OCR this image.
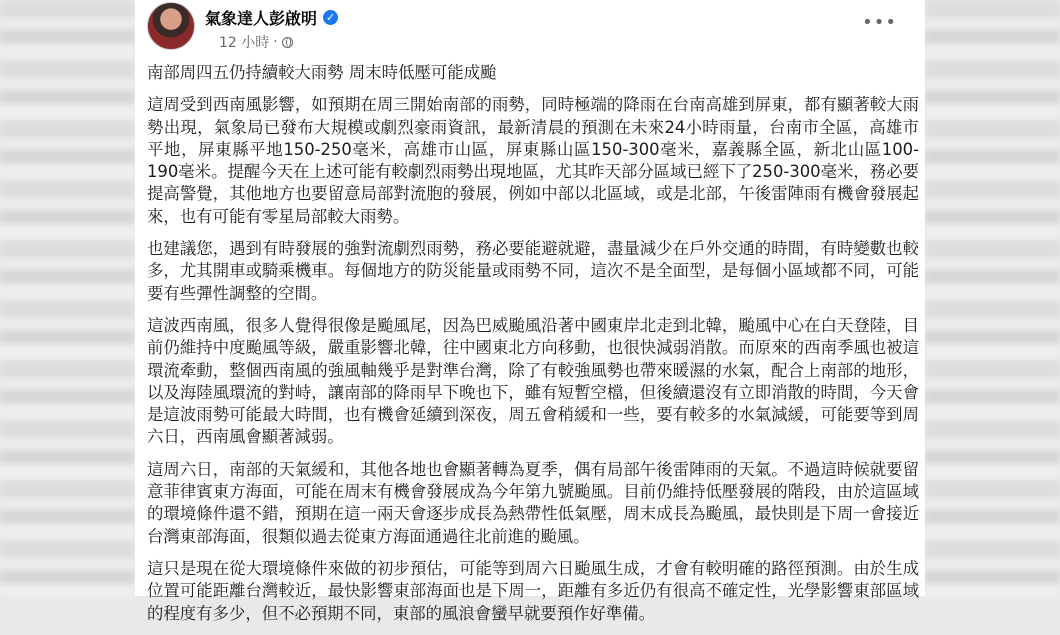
氣象達人彭啟明 ✓
12 小時 ·
•••

南部周四五仍持續較大雨勢 周末時低壓可能成颱

這周受到西南風影響，如預期在周三開始南部的雨勢，同時極端的降雨在台南高雄到屏東，都有顯著較大雨勢出現，氣象局已發布大規模或劇烈豪雨資訊，最新清晨的預測在未來24小時雨量，台南市全區，高雄市平地，屏東縣平地150-250毫米，高雄市山區，屏東縣山區150-300毫米，嘉義縣全區，新北山區100-190毫米。提醒今天在上述可能有較劇烈雨勢出現地區，尤其昨天部分區域已經下了250-300毫米，務必要提高警覺，其他地方也要留意局部對流胞的發展，例如中部以北區域，或是北部，午後雷陣雨有機會發展起來，也有可能有零星局部較大雨勢。

也建議您，遇到有時發展的強對流劇烈雨勢，務必要能避就避，盡量減少在戶外交通的時間，有時變數也較多，尤其開車或騎乘機車。每個地方的防災能量或雨勢不同，這次不是全面型，是每個小區域都不同，可能要有些彈性調整的空間。

這波西南風，很多人覺得很像是颱風尾，因為巴威颱風沿著中國東岸北走到北韓，颱風中心在白天登陸，目前仍維持中度颱風等級，嚴重影響北韓，往中國東北方向移動，也很快減弱消散。而原來的西南季風也被這環流牽動，整個西南風的強風軸幾乎是對準台灣，除了有較強風勢也帶來暖濕的水氣，配合上南部的地形，以及海陸風環流的對峙，讓南部的降雨早下晚也下，雖有短暫空檔，但後續還沒有立即消散的時間，今天會是這波雨勢可能最大時間，也有機會延續到深夜，周五會稍緩和一些，要有較多的水氣減緩，可能要等到周六日，西南風會顯著減弱。

這周六日，南部的天氣緩和，其他各地也會顯著轉為夏季，偶有局部午後雷陣雨的天氣。不過這時候就要留意菲律賓東方海面，可能在周末有機會發展成為今年第九號颱風。目前仍維持低壓發展的階段，由於這區域的環境條件還不錯，預期在這一兩天會逐步成長為熱帶性低氣壓，周末成長為颱風，最快則是下周一會接近台灣東部海面，很類似過去從東方海面通過往北前進的颱風。

這只是現在從大環境條件來做的初步預估，可能等到周六日颱風生成，才會有較明確的路徑預測。由於生成位置可能距離台灣較近，最快影響東部海面也是下周一，距離有多近仍有很高不確定性，光學影響東部區域的程度有多少，但不必預期不同，東部的風浪會蠻早就要預作好準備。
